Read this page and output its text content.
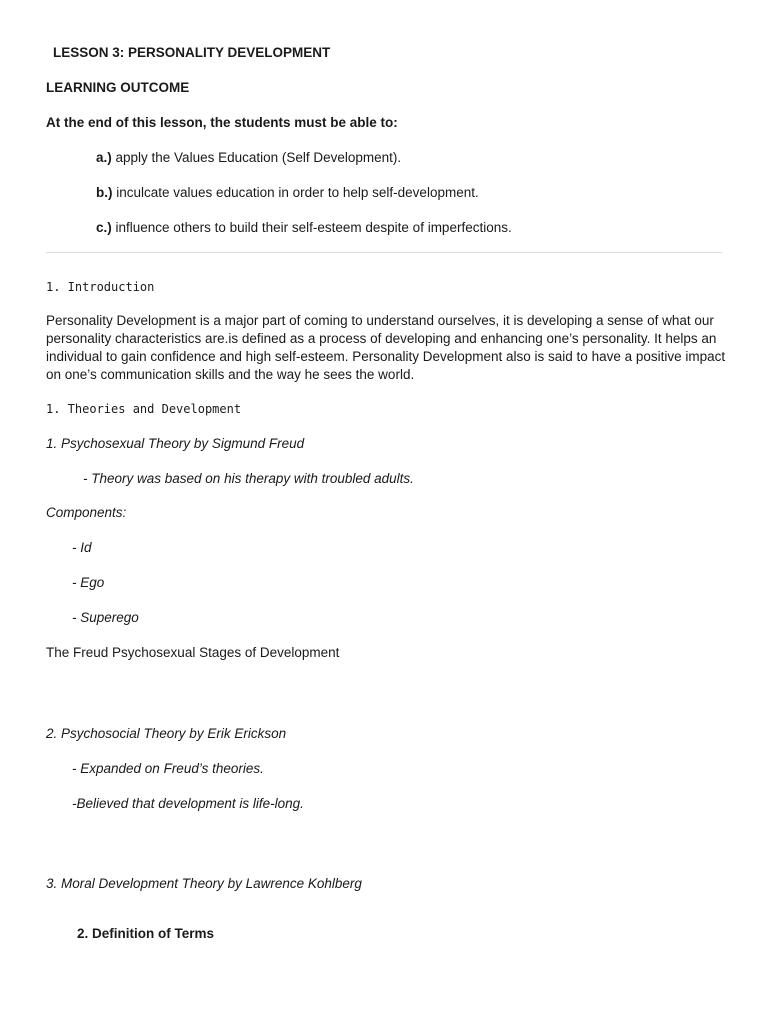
LESSON 3: PERSONALITY DEVELOPMENT
LEARNING OUTCOME
At the end of this lesson, the students must be able to:
a.) apply the Values Education (Self Development).
b.) inculcate values education in order to help self-development.
c.) influence others to build their self-esteem despite of imperfections.
1. Introduction
Personality Development is a major part of coming to understand ourselves, it is developing a sense of what our personality characteristics are.is defined as a process of developing and enhancing one’s personality. It helps an individual to gain confidence and high self-esteem. Personality Development also is said to have a positive impact on one’s communication skills and the way he sees the world.
1. Theories and Development
1. Psychosexual Theory by Sigmund Freud
- Theory was based on his therapy with troubled adults.
Components:
- Id
- Ego
- Superego
The Freud Psychosexual Stages of Development
2. Psychosocial Theory by Erik Erickson
- Expanded on Freud’s theories.
-Believed that development is life-long.
3. Moral Development Theory by Lawrence Kohlberg
2. Definition of Terms
